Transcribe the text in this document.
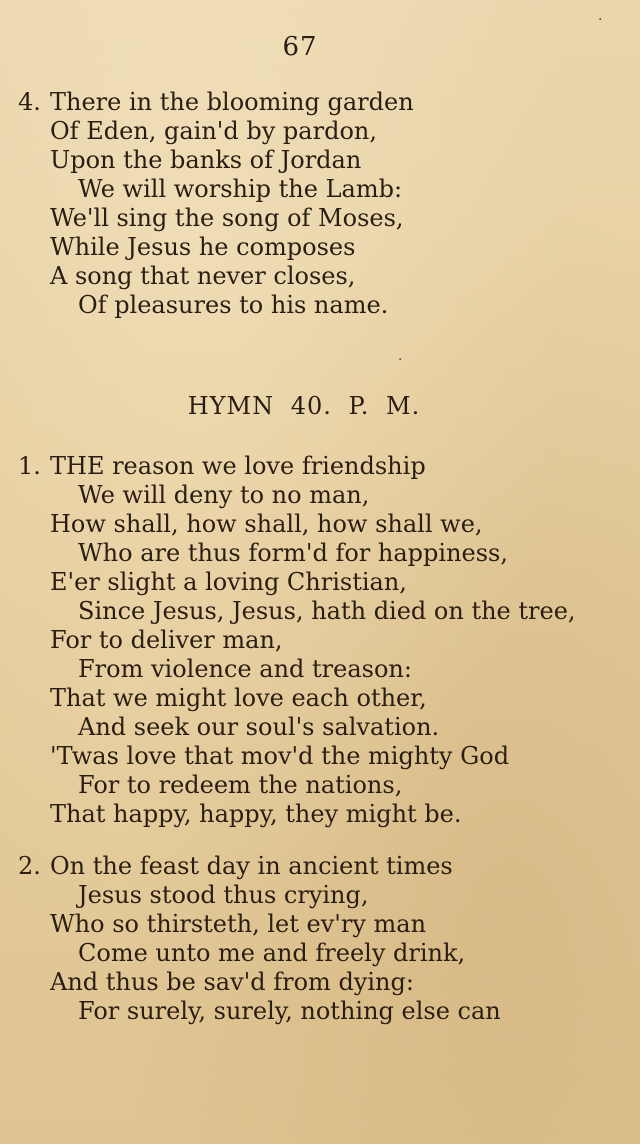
67
4. There in the blooming garden
Of Eden, gain'd by pardon,
Upon the banks of Jordan
We will worship the Lamb:
We'll sing the song of Moses,
While Jesus he composes
A song that never closes,
Of pleasures to his name.
HYMN 40. P. M.
1. THE reason we love friendship
We will deny to no man,
How shall, how shall, how shall we,
Who are thus form'd for happiness,
E'er slight a loving Christian,
Since Jesus, Jesus, hath died on the tree,
For to deliver man,
From violence and treason:
That we might love each other,
And seek our soul's salvation.
'Twas love that mov'd the mighty God
For to redeem the nations,
That happy, happy, they might be.
2. On the feast day in ancient times
Jesus stood thus crying,
Who so thirsteth, let ev'ry man
Come unto me and freely drink,
And thus be sav'd from dying:
For surely, surely, nothing else can
·
·
